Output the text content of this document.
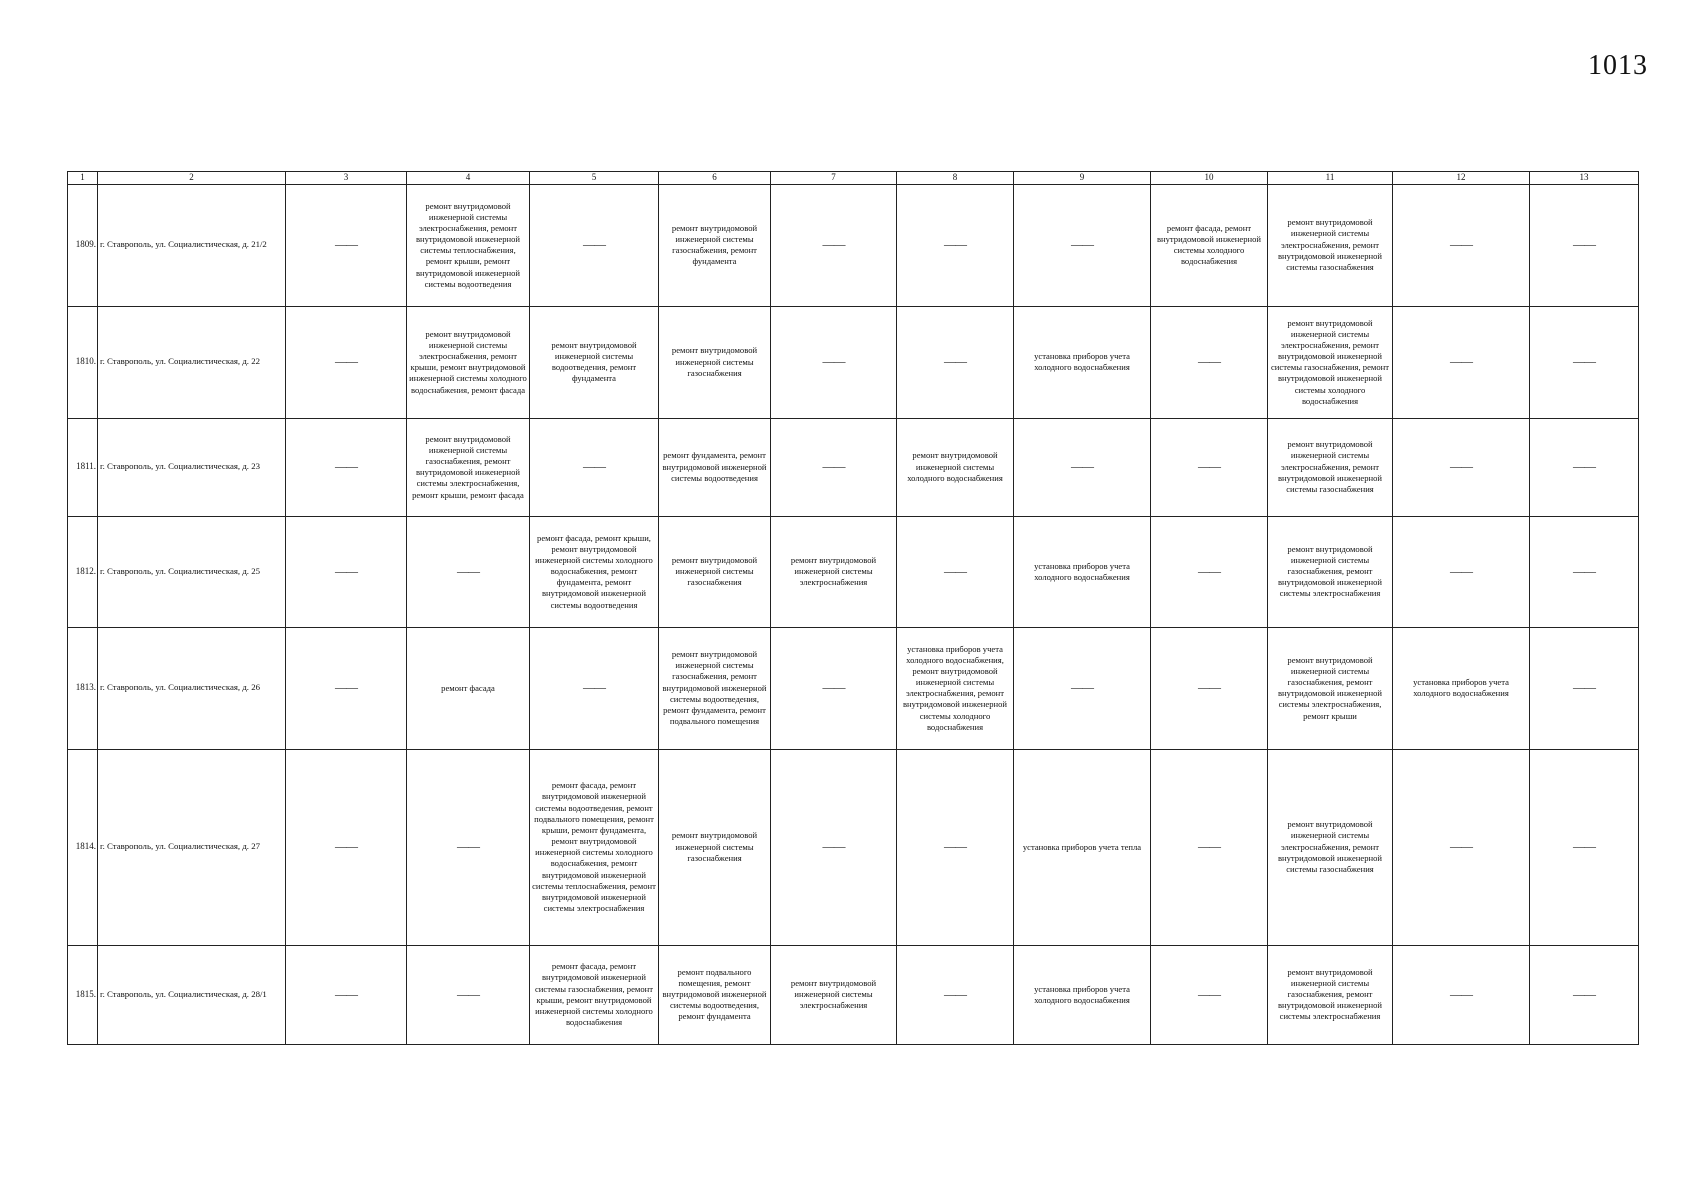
1013
1	2	3	4	5	6	7	8	9	10	11	12	13
1809.	г. Ставрополь, ул. Социалистическая, д. 21/2	——	ремонт внутридомовой инженерной системы электроснабжения, ремонт внутридомовой инженерной системы теплоснабжения, ремонт крыши, ремонт внутридомовой инженерной системы водоотведения	——	ремонт внутридомовой инженерной системы газоснабжения, ремонт фундамента	——	——	——	ремонт фасада, ремонт внутридомовой инженерной системы холодного водоснабжения	ремонт внутридомовой инженерной системы электроснабжения, ремонт внутридомовой инженерной системы газоснабжения	——	——
1810.	г. Ставрополь, ул. Социалистическая, д. 22	——	ремонт внутридомовой инженерной системы электроснабжения, ремонт крыши, ремонт внутридомовой инженерной системы холодного водоснабжения, ремонт фасада	ремонт внутридомовой инженерной системы водоотведения, ремонт фундамента	ремонт внутридомовой инженерной системы газоснабжения	——	——	установка приборов учета холодного водоснабжения	——	ремонт внутридомовой инженерной системы электроснабжения, ремонт внутридомовой инженерной системы газоснабжения, ремонт внутридомовой инженерной системы холодного водоснабжения	——	——
1811.	г. Ставрополь, ул. Социалистическая, д. 23	——	ремонт внутридомовой инженерной системы газоснабжения, ремонт внутридомовой инженерной системы электроснабжения, ремонт крыши, ремонт фасада	——	ремонт фундамента, ремонт внутридомовой инженерной системы водоотведения	——	ремонт внутридомовой инженерной системы холодного водоснабжения	——	——	ремонт внутридомовой инженерной системы электроснабжения, ремонт внутридомовой инженерной системы газоснабжения	——	——
1812.	г. Ставрополь, ул. Социалистическая, д. 25	——	——	ремонт фасада, ремонт крыши, ремонт внутридомовой инженерной системы холодного водоснабжения, ремонт фундамента, ремонт внутридомовой инженерной системы водоотведения	ремонт внутридомовой инженерной системы газоснабжения	ремонт внутридомовой инженерной системы электроснабжения	——	установка приборов учета холодного водоснабжения	——	ремонт внутридомовой инженерной системы газоснабжения, ремонт внутридомовой инженерной системы электроснабжения	——	——
1813.	г. Ставрополь, ул. Социалистическая, д. 26	——	ремонт фасада	——	ремонт внутридомовой инженерной системы газоснабжения, ремонт внутридомовой инженерной системы водоотведения, ремонт фундамента, ремонт подвального помещения	——	установка приборов учета холодного водоснабжения, ремонт внутридомовой инженерной системы электроснабжения, ремонт внутридомовой инженерной системы холодного водоснабжения	——	——	ремонт внутридомовой инженерной системы газоснабжения, ремонт внутридомовой инженерной системы электроснабжения, ремонт крыши	установка приборов учета холодного водоснабжения	——
1814.	г. Ставрополь, ул. Социалистическая, д. 27	——	——	ремонт фасада, ремонт внутридомовой инженерной системы водоотведения, ремонт подвального помещения, ремонт крыши, ремонт фундамента, ремонт внутридомовой инженерной системы холодного водоснабжения, ремонт внутридомовой инженерной системы теплоснабжения, ремонт внутридомовой инженерной системы электроснабжения	ремонт внутридомовой инженерной системы газоснабжения	——	——	установка приборов учета тепла	——	ремонт внутридомовой инженерной системы электроснабжения, ремонт внутридомовой инженерной системы газоснабжения	——	——
1815.	г. Ставрополь, ул. Социалистическая, д. 28/1	——	——	ремонт фасада, ремонт внутридомовой инженерной системы газоснабжения, ремонт крыши, ремонт внутридомовой инженерной системы холодного водоснабжения	ремонт подвального помещения, ремонт внутридомовой инженерной системы водоотведения, ремонт фундамента	ремонт внутридомовой инженерной системы электроснабжения	——	установка приборов учета холодного водоснабжения	——	ремонт внутридомовой инженерной системы газоснабжения, ремонт внутридомовой инженерной системы электроснабжения	——	——
